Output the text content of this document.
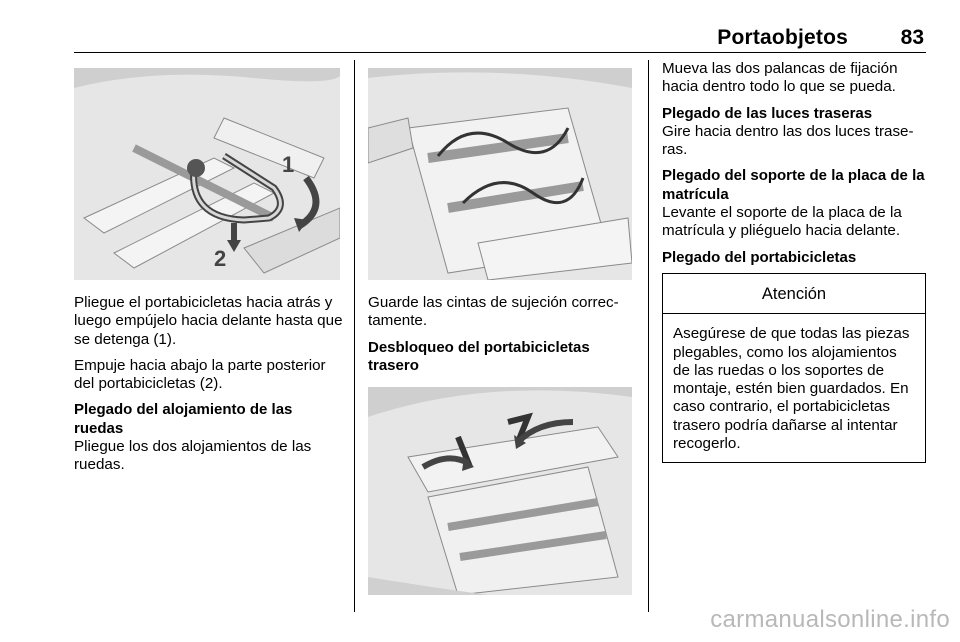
Portaobjetos	83
1
2

Pliegue el portabicicletas hacia atrás y luego empújelo hacia delante hasta que se detenga (1).

Empuje hacia abajo la parte posterior del portabicicletas (2).

Plegado del alojamiento de las ruedas

Pliegue los dos alojamientos de las ruedas.

Guarde las cintas de sujeción correctamente.

Desbloqueo del portabicicletas trasero

Mueva las dos palancas de fijación hacia dentro todo lo que se pueda.

Plegado de las luces traseras

Gire hacia dentro las dos luces traseras.

Plegado del soporte de la placa de la matrícula

Levante el soporte de la placa de la matrícula y pliéguelo hacia delante.

Plegado del portabicicletas
Atención
Asegúrese de que todas las piezas plegables, como los alojamientos de las ruedas o los soportes de montaje, estén bien guardados. En caso contrario, el portabicicletas trasero podría dañarse al intentar recogerlo.
carmanualsonline.info
